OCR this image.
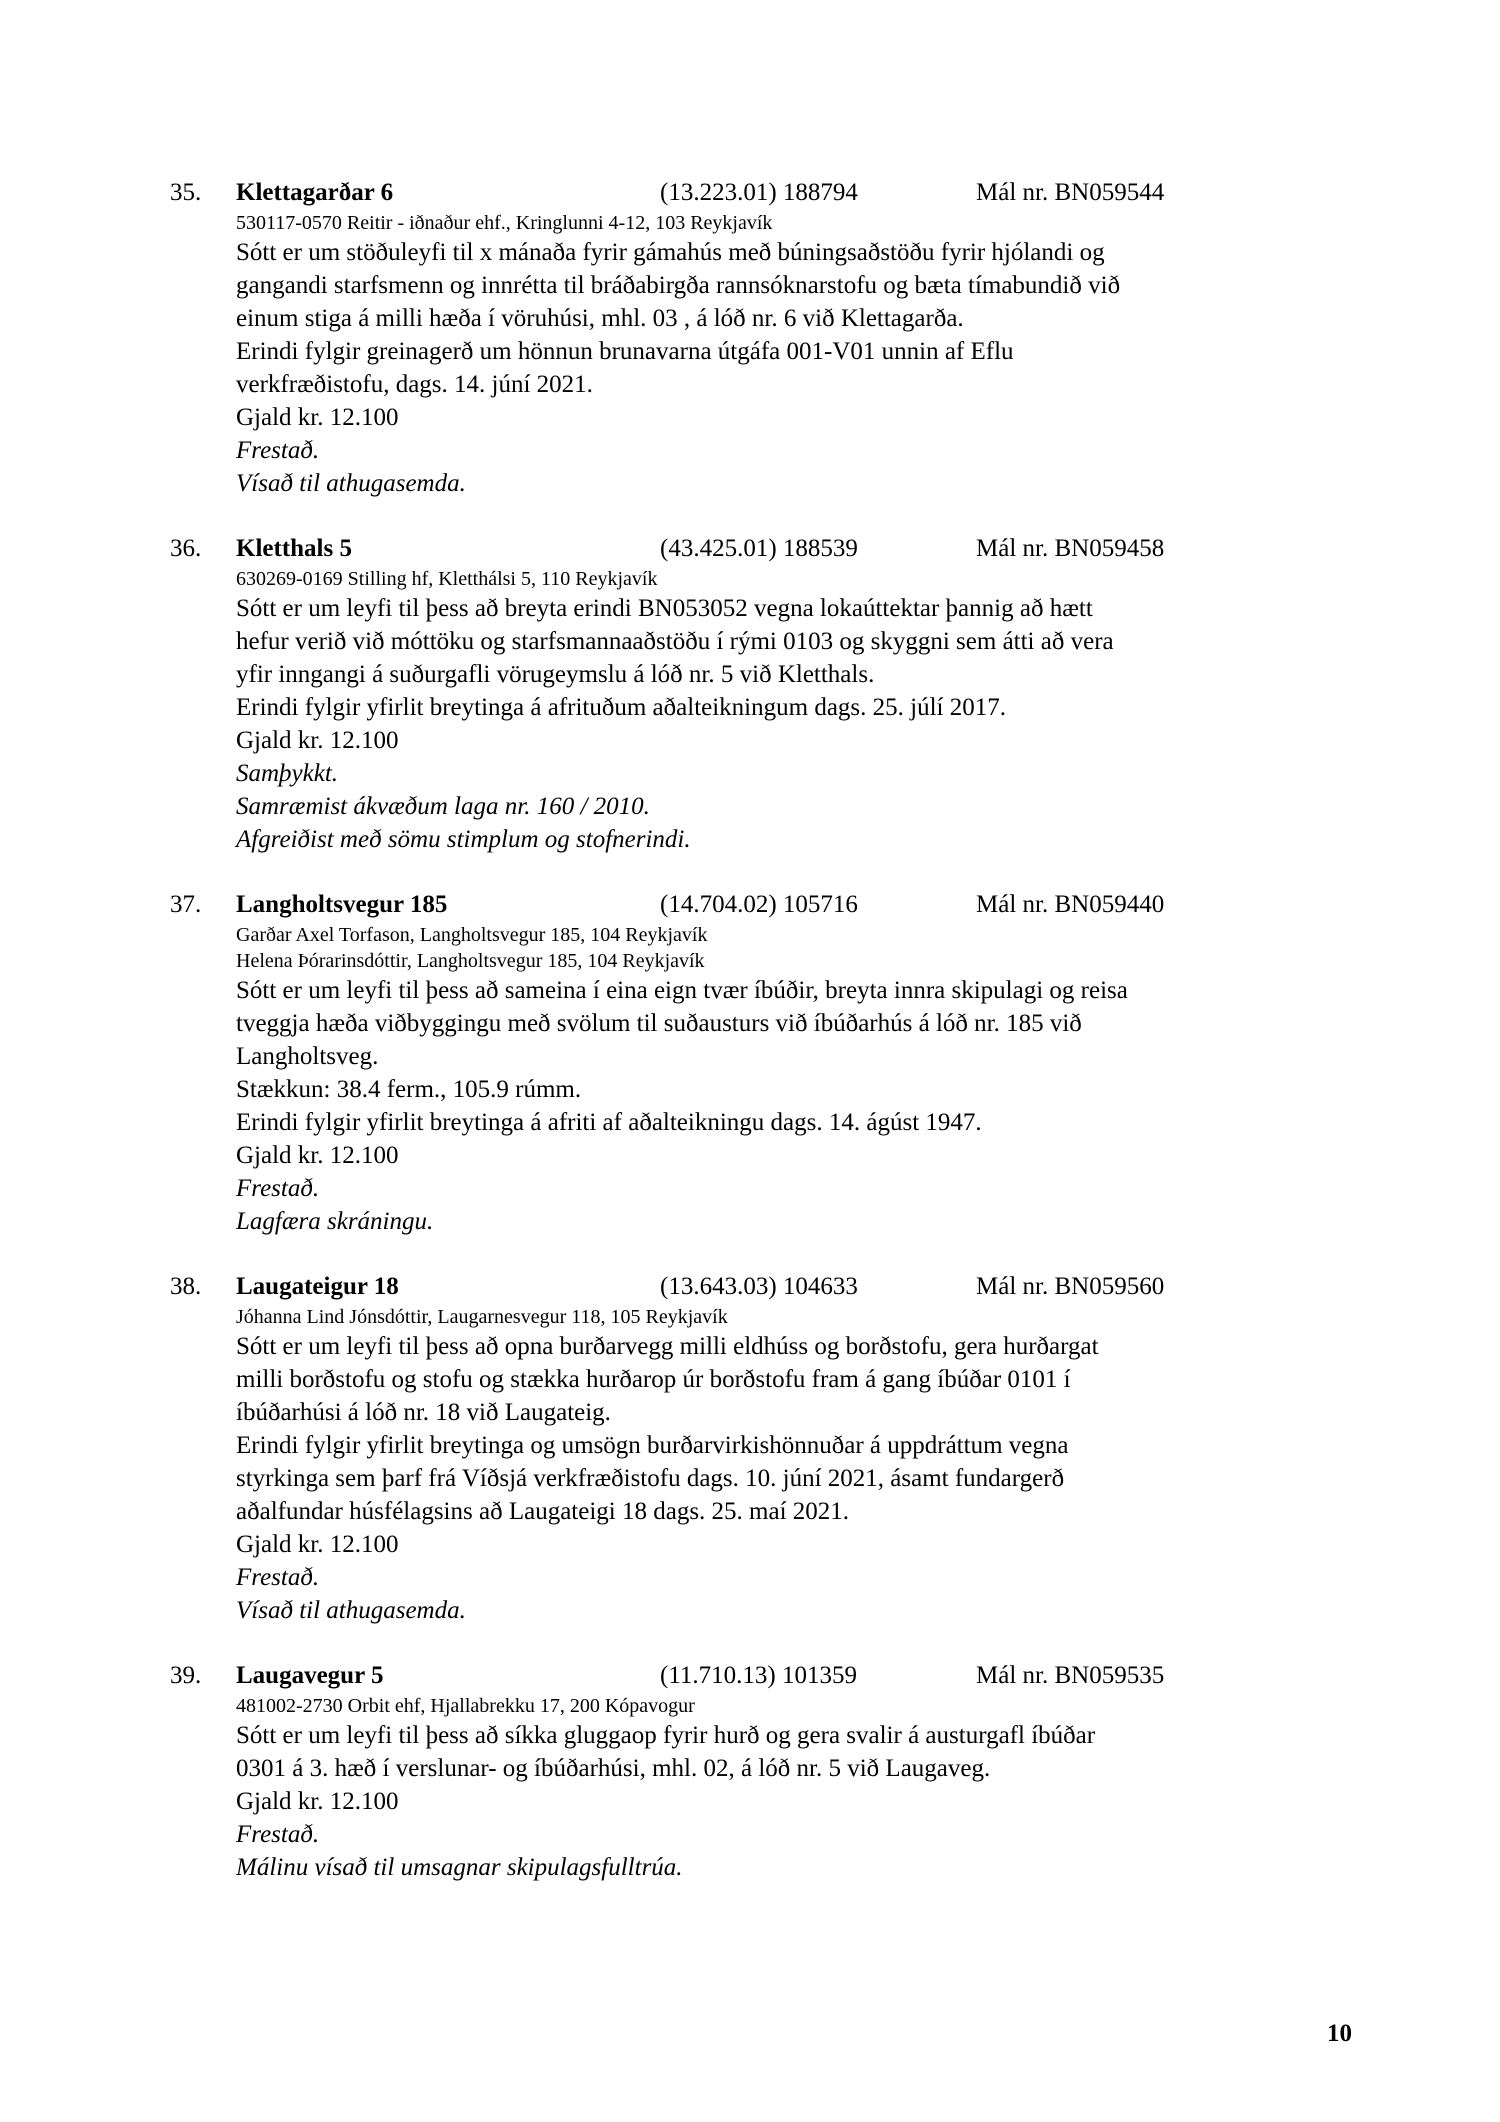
35. Klettagarðar 6	(13.223.01) 188794	Mál nr. BN059544

530117-0570 Reitir - iðnaður ehf., Kringlunni 4-12, 103 Reykjavík

Sótt er um stöðuleyfi til x mánaða fyrir gámahús með búningsaðstöðu fyrir hjólandi og

gangandi starfsmenn og innrétta til bráðabirgða rannsóknarstofu og bæta tímabundið við

einum stiga á milli hæða í vöruhúsi, mhl. 03 , á lóð nr. 6 við Klettagarða.

Erindi fylgir greinagerð um hönnun brunavarna útgáfa 001-V01 unnin af Eflu

verkfræðistofu, dags. 14. júní 2021.

Gjald kr. 12.100

Frestað.

Vísað til athugasemda.

36. Kletthals 5	(43.425.01) 188539	Mál nr. BN059458

630269-0169 Stilling hf, Kletthálsi 5, 110 Reykjavík

Sótt er um leyfi til þess að breyta erindi BN053052 vegna lokaúttektar þannig að hætt

hefur verið við móttöku og starfsmannaaðstöðu í rými 0103 og skyggni sem átti að vera

yfir inngangi á suðurgafli vörugeymslu á lóð nr. 5 við Kletthals.

Erindi fylgir yfirlit breytinga á afrituðum aðalteikningum dags. 25. júlí 2017.

Gjald kr. 12.100

Samþykkt.

Samræmist ákvæðum laga nr. 160 / 2010.

Afgreiðist með sömu stimplum og stofnerindi.

37. Langholtsvegur 185	(14.704.02) 105716	Mál nr. BN059440

Garðar Axel Torfason, Langholtsvegur 185, 104 Reykjavík

Helena Þórarinsdóttir, Langholtsvegur 185, 104 Reykjavík

Sótt er um leyfi til þess að sameina í eina eign tvær íbúðir, breyta innra skipulagi og reisa

tveggja hæða viðbyggingu með svölum til suðausturs við íbúðarhús á lóð nr. 185 við

Langholtsveg.

Stækkun: 38.4 ferm., 105.9 rúmm.

Erindi fylgir yfirlit breytinga á afriti af aðalteikningu dags. 14. ágúst 1947.

Gjald kr. 12.100

Frestað.

Lagfæra skráningu.

38. Laugateigur 18	(13.643.03) 104633	Mál nr. BN059560

Jóhanna Lind Jónsdóttir, Laugarnesvegur 118, 105 Reykjavík

Sótt er um leyfi til þess að opna burðarvegg milli eldhúss og borðstofu, gera hurðargat

milli borðstofu og stofu og stækka hurðarop úr borðstofu fram á gang íbúðar 0101 í

íbúðarhúsi á lóð nr. 18 við Laugateig.

Erindi fylgir yfirlit breytinga og umsögn burðarvirkishönnuðar á uppdráttum vegna

styrkinga sem þarf frá Víðsjá verkfræðistofu dags. 10. júní 2021, ásamt fundargerð

aðalfundar húsfélagsins að Laugateigi 18 dags. 25. maí 2021.

Gjald kr. 12.100

Frestað.

Vísað til athugasemda.

39. Laugavegur 5	(11.710.13) 101359	Mál nr. BN059535

481002-2730 Orbit ehf, Hjallabrekku 17, 200 Kópavogur

Sótt er um leyfi til þess að síkka gluggaop fyrir hurð og gera svalir á austurgafl íbúðar

0301 á 3. hæð í verslunar- og íbúðarhúsi, mhl. 02, á lóð nr. 5 við Laugaveg.

Gjald kr. 12.100

Frestað.

Málinu vísað til umsagnar skipulagsfulltrúa.

10
